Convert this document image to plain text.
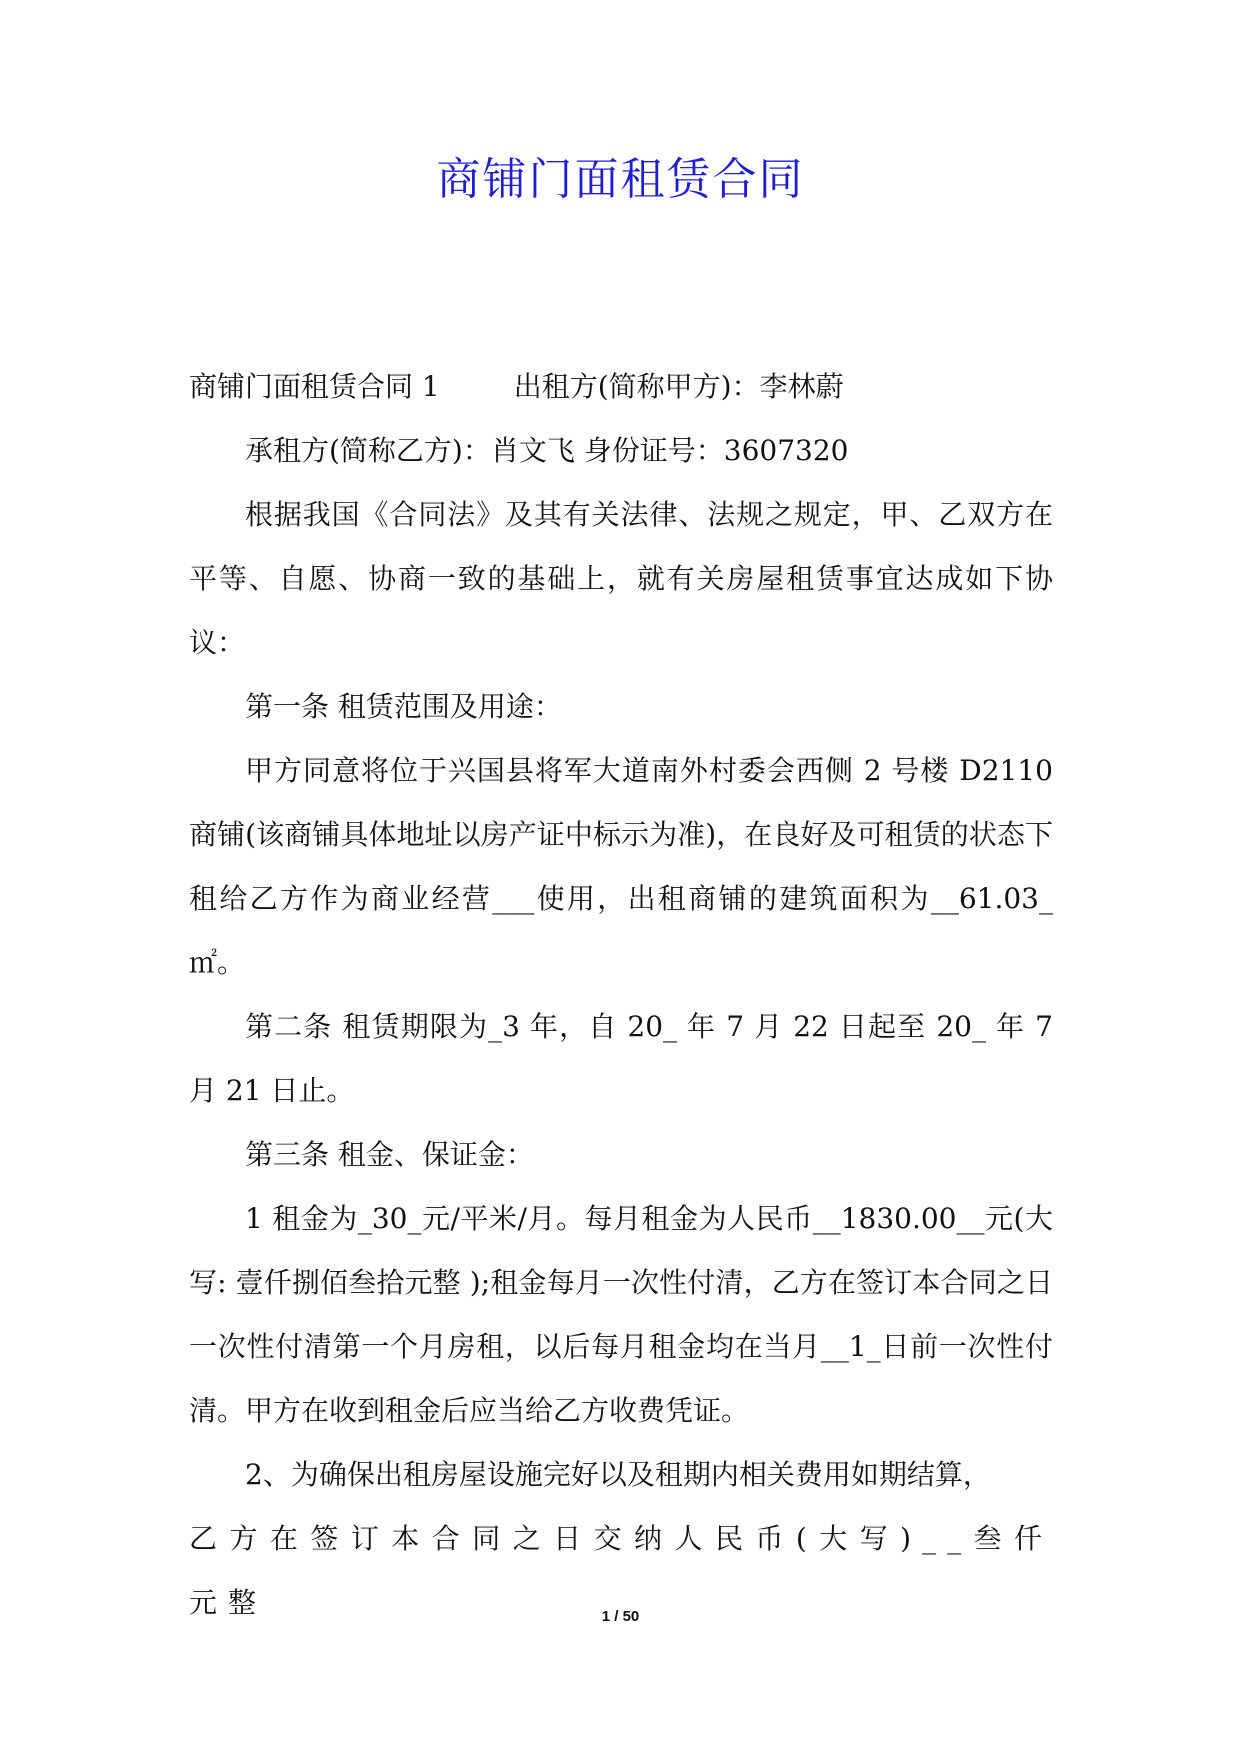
商铺门面租赁合同

商铺门面租赁合同 1	出租方(简称甲方)：李林蔚

承租方(简称乙方)：肖文飞 身份证号：3607320

根据我国《合同法》及其有关法律、法规之规定，甲、乙双方在平等、自愿、协商一致的基础上，就有关房屋租赁事宜达成如下协议：

第一条 租赁范围及用途：

甲方同意将位于兴国县将军大道南外村委会西侧 2 号楼 D2110 商铺(该商铺具体地址以房产证中标示为准)，在良好及可租赁的状态下租给乙方作为商业经营___使用，出租商铺的建筑面积为__61.03_㎡。

第二条 租赁期限为_3 年，自 20_ 年 7 月 22 日起至 20_ 年 7 月 21 日止。

第三条 租金、保证金：

1 租金为_30_元/平米/月。每月租金为人民币__1830.00__元(大写: 壹仟捌佰叁拾元整 );租金每月一次性付清，乙方在签订本合同之日一次性付清第一个月房租，以后每月租金均在当月__1_日前一次性付清。甲方在收到租金后应当给乙方收费凭证。

2、为确保出租房屋设施完好以及租期内相关费用如期结算，

乙方在签订本合同之日交纳人民币(大写)__叁仟元整	1 / 50
